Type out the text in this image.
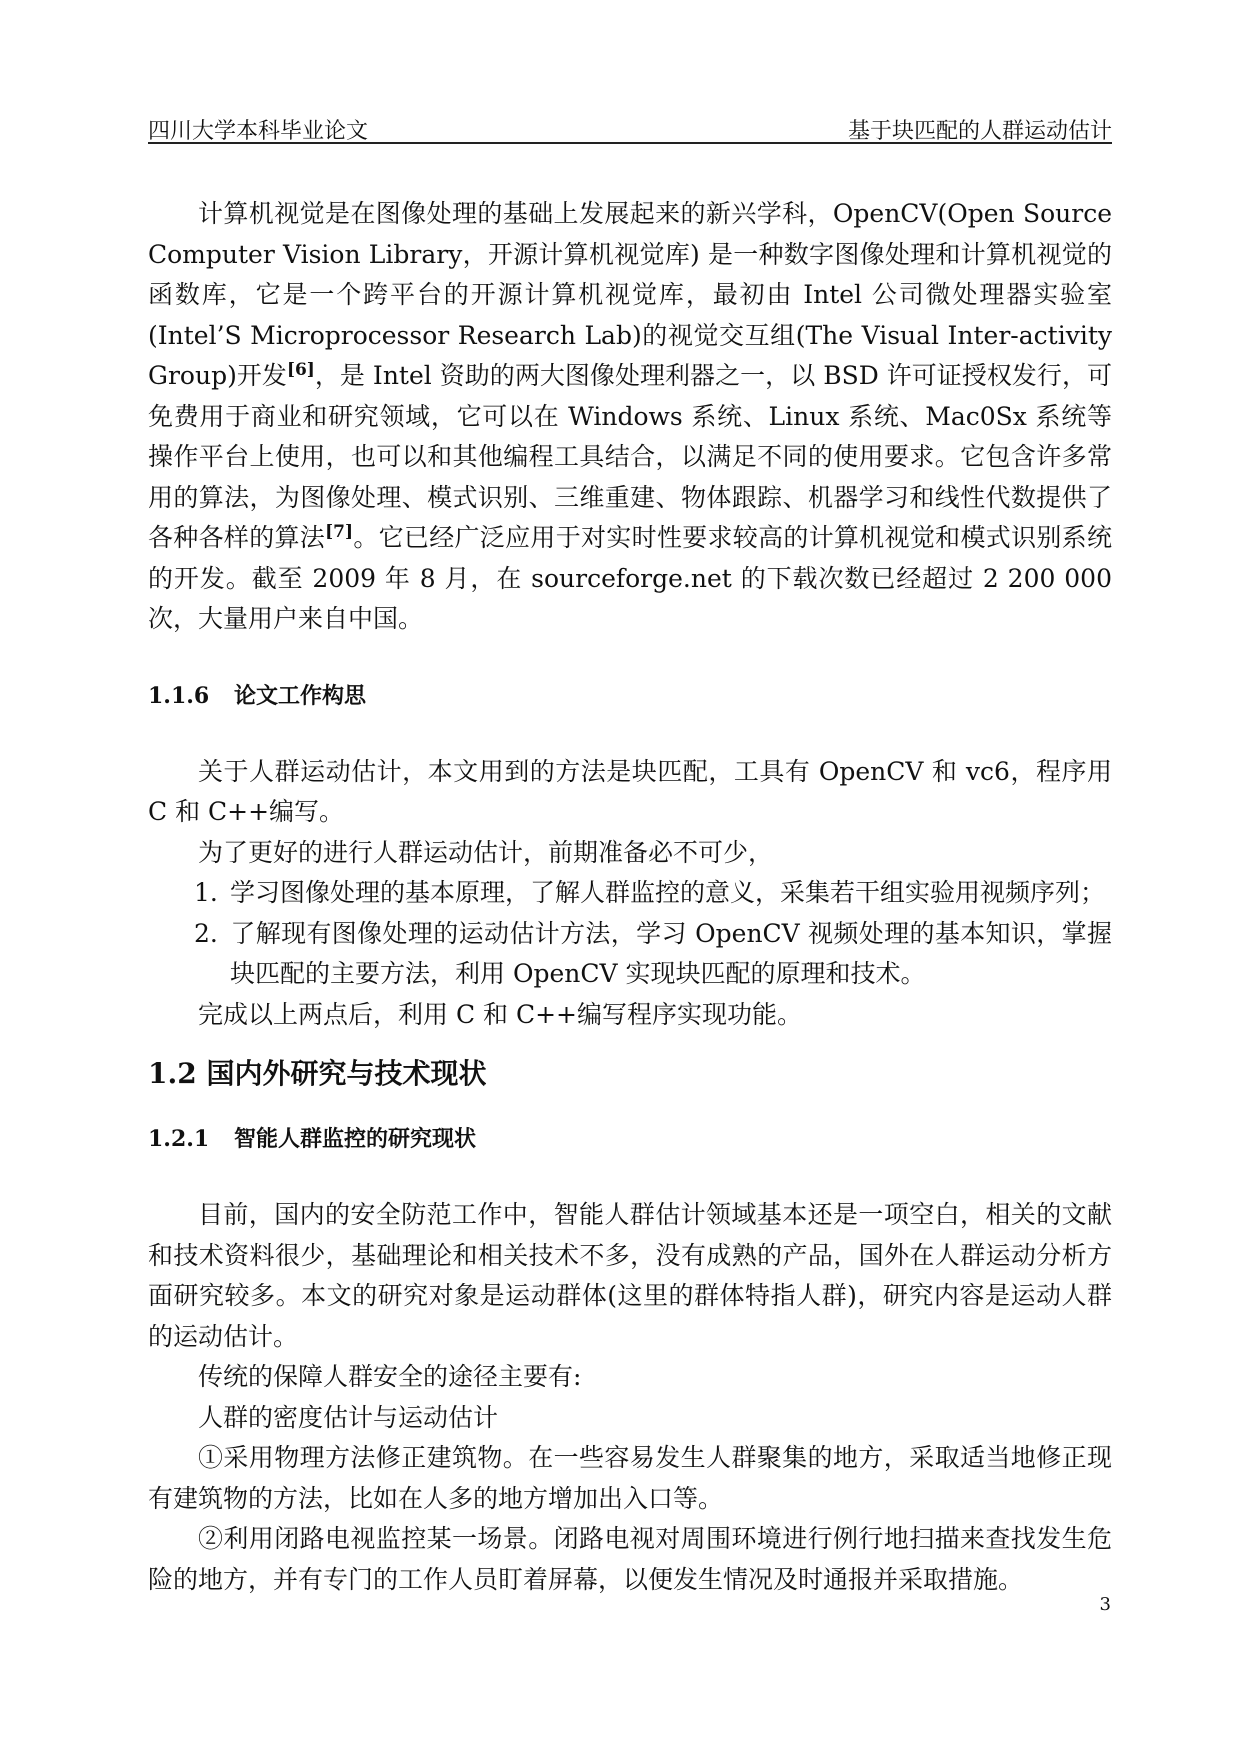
四川大学本科毕业论文	基于块匹配的人群运动估计

计算机视觉是在图像处理的基础上发展起来的新兴学科，OpenCV(Open Source Computer Vision Library，开源计算机视觉库) 是一种数字图像处理和计算机视觉的函数库，它是一个跨平台的开源计算机视觉库，最初由 Intel 公司微处理器实验室(Intel’S Microprocessor Research Lab)的视觉交互组(The Visual Inter-activity Group)开发[6]，是 Intel 资助的两大图像处理利器之一，以 BSD 许可证授权发行，可免费用于商业和研究领域，它可以在 Windows 系统、Linux 系统、Mac0Sx 系统等操作平台上使用，也可以和其他编程工具结合，以满足不同的使用要求。它包含许多常用的算法，为图像处理、模式识别、三维重建、物体跟踪、机器学习和线性代数提供了各种各样的算法[7]。它已经广泛应用于对实时性要求较高的计算机视觉和模式识别系统的开发。截至 2009 年 8 月，在 sourceforge.net 的下载次数已经超过 2 200 000 次，大量用户来自中国。

1.1.6 论文工作构思

关于人群运动估计，本文用到的方法是块匹配，工具有 OpenCV 和 vc6，程序用 C 和 C++编写。

为了更好的进行人群运动估计，前期准备必不可少，

1. 学习图像处理的基本原理，了解人群监控的意义，采集若干组实验用视频序列；
2. 了解现有图像处理的运动估计方法，学习 OpenCV 视频处理的基本知识，掌握块匹配的主要方法，利用 OpenCV 实现块匹配的原理和技术。

完成以上两点后，利用 C 和 C++编写程序实现功能。

1.2 国内外研究与技术现状
1.2.1 智能人群监控的研究现状

目前，国内的安全防范工作中，智能人群估计领域基本还是一项空白，相关的文献和技术资料很少，基础理论和相关技术不多，没有成熟的产品，国外在人群运动分析方面研究较多。本文的研究对象是运动群体(这里的群体特指人群)，研究内容是运动人群的运动估计。

传统的保障人群安全的途径主要有:

人群的密度估计与运动估计

①采用物理方法修正建筑物。在一些容易发生人群聚集的地方，采取适当地修正现有建筑物的方法，比如在人多的地方增加出入口等。

②利用闭路电视监控某一场景。闭路电视对周围环境进行例行地扫描来查找发生危险的地方，并有专门的工作人员盯着屏幕，以便发生情况及时通报并采取措施。

3
